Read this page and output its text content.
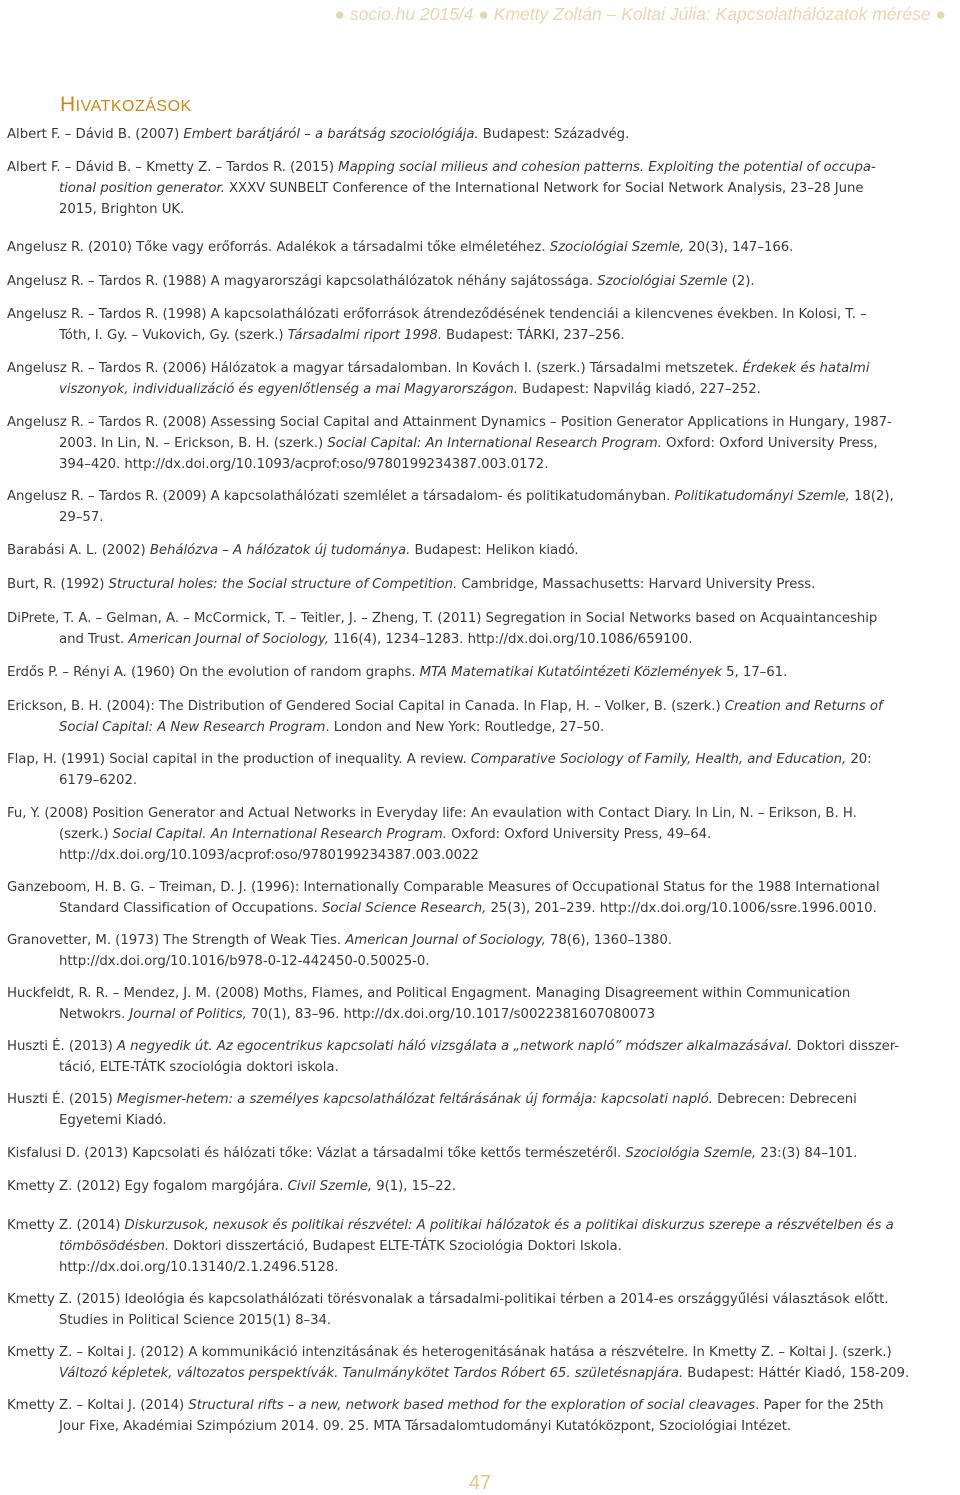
● socio.hu 2015/4 ● Kmetty Zoltán – Koltai Júlia: Kapcsolathálózatok mérése ●
HIVATKOZÁSOK
Albert F. – Dávid B. (2007) Embert barátjáról – a barátság szociológiája. Budapest: Századvég.
Albert F. – Dávid B. – Kmetty Z. – Tardos R. (2015) Mapping social milieus and cohesion patterns. Exploiting the potential of occupa-
tional position generator. XXXV SUNBELT Conference of the International Network for Social Network Analysis, 23–28 June
2015, Brighton UK.
Angelusz R. (2010) Tőke vagy erőforrás. Adalékok a társadalmi tőke elméletéhez. Szociológiai Szemle, 20(3), 147–166.
Angelusz R. – Tardos R. (1988) A magyarországi kapcsolathálózatok néhány sajátossága. Szociológiai Szemle (2).
Angelusz R. – Tardos R. (1998) A kapcsolathálózati erőforrások átrendeződésének tendenciái a kilencvenes években. In Kolosi, T. –
Tóth, I. Gy. – Vukovich, Gy. (szerk.) Társadalmi riport 1998. Budapest: TÁRKI, 237–256.
Angelusz R. – Tardos R. (2006) Hálózatok a magyar társadalomban. In Kovách I. (szerk.) Társadalmi metszetek. Érdekek és hatalmi
viszonyok, individualizáció és egyenlőtlenség a mai Magyarországon. Budapest: Napvilág kiadó, 227–252.
Angelusz R. – Tardos R. (2008) Assessing Social Capital and Attainment Dynamics – Position Generator Applications in Hungary, 1987-
2003. In Lin, N. – Erickson, B. H. (szerk.) Social Capital: An International Research Program. Oxford: Oxford University Press,
394–420. http://dx.doi.org/10.1093/acprof:oso/9780199234387.003.0172.
Angelusz R. – Tardos R. (2009) A kapcsolathálózati szemlélet a társadalom- és politikatudományban. Politikatudományi Szemle, 18(2),
29–57.
Barabási A. L. (2002) Behálózva – A hálózatok új tudománya. Budapest: Helikon kiadó.
Burt, R. (1992) Structural holes: the Social structure of Competition. Cambridge, Massachusetts: Harvard University Press.
DiPrete, T. A. – Gelman, A. – McCormick, T. – Teitler, J. – Zheng, T. (2011) Segregation in Social Networks based on Acquaintanceship
and Trust. American Journal of Sociology, 116(4), 1234–1283. http://dx.doi.org/10.1086/659100.
Erdős P. – Rényi A. (1960) On the evolution of random graphs. MTA Matematikai Kutatóintézeti Közlemények 5, 17–61.
Erickson, B. H. (2004): The Distribution of Gendered Social Capital in Canada. In Flap, H. – Volker, B. (szerk.) Creation and Returns of
Social Capital: A New Research Program. London and New York: Routledge, 27–50.
Flap, H. (1991) Social capital in the production of inequality. A review. Comparative Sociology of Family, Health, and Education, 20:
6179–6202.
Fu, Y. (2008) Position Generator and Actual Networks in Everyday life: An evaulation with Contact Diary. In Lin, N. – Erikson, B. H.
(szerk.) Social Capital. An International Research Program. Oxford: Oxford University Press, 49–64.
http://dx.doi.org/10.1093/acprof:oso/9780199234387.003.0022
Ganzeboom, H. B. G. – Treiman, D. J. (1996): Internationally Comparable Measures of Occupational Status for the 1988 International
Standard Classification of Occupations. Social Science Research, 25(3), 201–239. http://dx.doi.org/10.1006/ssre.1996.0010.
Granovetter, M. (1973) The Strength of Weak Ties. American Journal of Sociology, 78(6), 1360–1380.
http://dx.doi.org/10.1016/b978-0-12-442450-0.50025-0.
Huckfeldt, R. R. – Mendez, J. M. (2008) Moths, Flames, and Political Engagment. Managing Disagreement within Communication
Netwokrs. Journal of Politics, 70(1), 83–96. http://dx.doi.org/10.1017/s0022381607080073
Huszti É. (2013) A negyedik út. Az egocentrikus kapcsolati háló vizsgálata a „network napló” módszer alkalmazásával. Doktori disszer-
táció, ELTE-TÁTK szociológia doktori iskola.
Huszti É. (2015) Megismer-hetem: a személyes kapcsolathálózat feltárásának új formája: kapcsolati napló. Debrecen: Debreceni
Egyetemi Kiadó.
Kisfalusi D. (2013) Kapcsolati és hálózati tőke: Vázlat a társadalmi tőke kettős természetéről. Szociológia Szemle, 23:(3) 84–101.
Kmetty Z. (2012) Egy fogalom margójára. Civil Szemle, 9(1), 15–22.
Kmetty Z. (2014) Diskurzusok, nexusok és politikai részvétel: A politikai hálózatok és a politikai diskurzus szerepe a részvételben és a
tömbösödésben. Doktori disszertáció, Budapest ELTE-TÁTK Szociológia Doktori Iskola.
http://dx.doi.org/10.13140/2.1.2496.5128.
Kmetty Z. (2015) Ideológia és kapcsolathálózati törésvonalak a társadalmi-politikai térben a 2014-es országgyűlési választások előtt.
Studies in Political Science 2015(1) 8–34.
Kmetty Z. – Koltai J. (2012) A kommunikáció intenzitásának és heterogenitásának hatása a részvételre. In Kmetty Z. – Koltai J. (szerk.)
Változó képletek, változatos perspektívák. Tanulmánykötet Tardos Róbert 65. születésnapjára. Budapest: Háttér Kiadó, 158-209.
Kmetty Z. – Koltai J. (2014) Structural rifts – a new, network based method for the exploration of social cleavages. Paper for the 25th
Jour Fixe, Akadémiai Szimpózium 2014. 09. 25. MTA Társadalomtudományi Kutatóközpont, Szociológiai Intézet.
47
